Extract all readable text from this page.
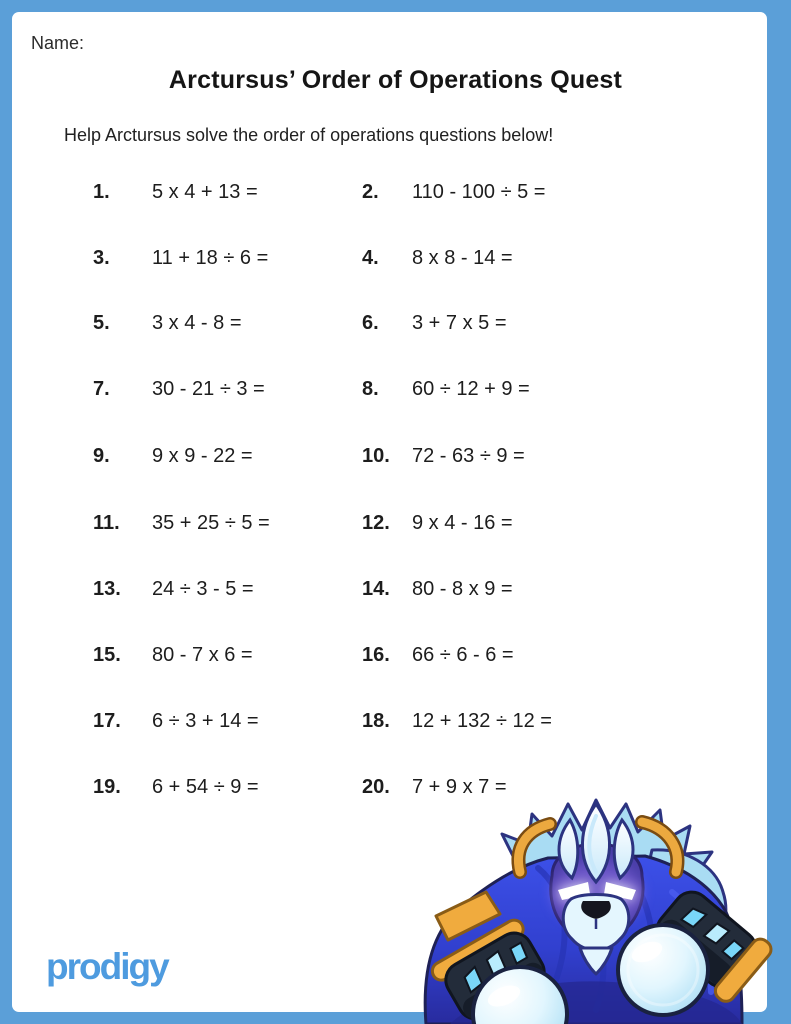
Name:
Arctursus’ Order of Operations Quest
Help Arctursus solve the order of operations questions below!
1. 5 x 4 + 13 =	2. 110 - 100 ÷ 5 =
3. 11 + 18 ÷ 6 =	4. 8 x 8 - 14 =
5. 3 x 4 - 8 =	6. 3 + 7 x 5 =
7. 30 - 21 ÷ 3 =	8. 60 ÷ 12 + 9 =
9. 9 x 9 - 22 =	10. 72 - 63 ÷ 9 =
11. 35 + 25 ÷ 5 =	12. 9 x 4 - 16 =
13. 24 ÷ 3 - 5 =	14. 80 - 8 x 9 =
15. 80 - 7 x 6 =	16. 66 ÷ 6 - 6 =
17. 6 ÷ 3 + 14 =	18. 12 + 132 ÷ 12 =
19. 6 + 54 ÷ 9 =	20. 7 + 9 x 7 =
prodigy
